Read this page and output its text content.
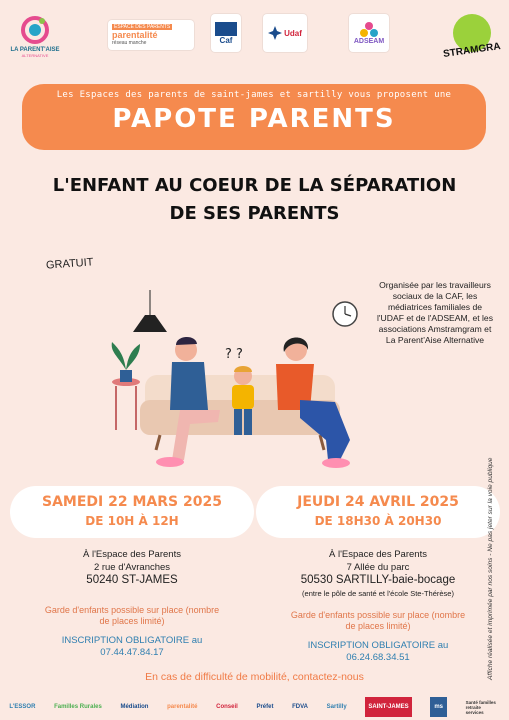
LA PARENT'AISE
ALTERNATIVE
ESPACE DES PARENTS
parentalité
réseau manche	Caf
Udaf
ADSEAM	STRAMGRA
Les Espaces des parents de saint-james et sartilly vous proposent une
PAPOTE PARENTS
L'ENFANT AU COEUR DE LA SÉPARATION
DE SES PARENTS
GRATUIT
Organisée par les travailleurs sociaux de la CAF, les médiatrices familiales de l'UDAF et de l'ADSEAM, et les associations Amstramgram et La Parent'Aise Alternative
? ?
SAMEDI 22 MARS 2025
DE 10H À 12H
À l'Espace des Parents
2 rue d'Avranches
50240 ST-JAMES
Garde d'enfants possible sur place (nombre de places limité)
INSCRIPTION OBLIGATOIRE au
07.44.47.84.17
JEUDI 24 AVRIL 2025
DE 18H30 À 20H30
À l'Espace des Parents
7 Allée du parc
50530 SARTILLY-baie-bocage
(entre le pôle de santé et l'école Ste-Thérèse)
Garde d'enfants possible sur place (nombre de places limité)
INSCRIPTION OBLIGATOIRE au
06.24.68.34.51
En cas de difficulté de mobilité, contactez-nous	Affiche réalisée et imprimée par nos soins - Ne pas jeter sur la voie publique
L'ESSOR	Familles Rurales	Médiation	parentalité	Conseil	Préfet	FDVA	Sartilly	SAINT-JAMES	ms
Santé familles retraite services
